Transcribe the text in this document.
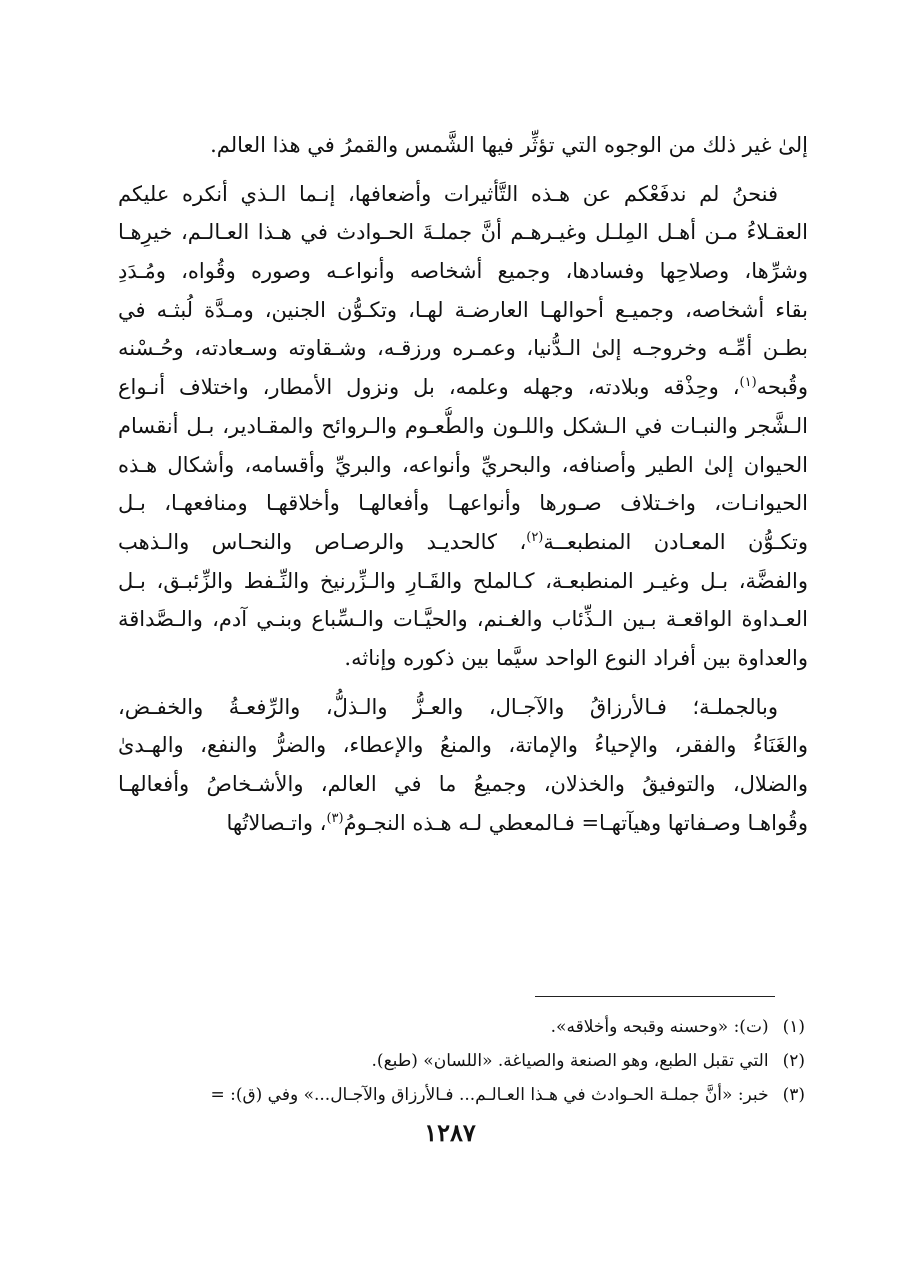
إلىٰ غير ذلك من الوجوه التي تؤثِّر فيها الشَّمس والقمرُ في هذا العالم.
فنحنُ لم ندفَعْكم عن هـذه التَّأثيرات وأضعافها، إنـما الـذي أنكره عليكم
العقـلاءُ مـن أهـل المِلـل وغيـرهـم أنَّ جملـةَ الحـوادث في هـذا العـالـم، خيرِهـا
وشرِّها، وصلاحِها وفسادها، وجميع أشخاصه وأنواعـه وصوره وقُواه، ومُـدَدِ
بقاء أشخاصه، وجميـع أحوالهـا العارضـة لهـا، وتكـوُّن الجنين، ومـدَّة لُبثـه في
بطـن أمِّـه وخروجـه إلىٰ الـدُّنيا، وعمـره ورزقـه، وشـقاوته وسـعادته، وحُـسْنه
وقُبحه$^{(١)}$، وحِذْقه وبلادته، وجهله وعلمه، بل ونزول الأمطار، واختلاف أنـواع
الـشَّجر والنبـات في الـشكل واللـون والطُّعـوم والـروائح والمقـادير، بـل أنقسام
الحيوان إلىٰ الطير وأصنافه، والبحريِّ وأنواعه، والبريِّ وأقسامه، وأشكال هـذه
الحيوانـات، واخـتلاف صـورها وأنواعهـا وأفعالهـا وأخلاقهـا ومنافعهـا، بـل
وتكـوُّن المعـادن المنطبعــة$^{(٢)}$، كالحديـد والرصـاص والنحـاس والـذهب
والفضَّة، بـل وغيـر المنطبعـة، كـالملح والقَـارِ والـزِّرنيخ والنِّـفط والزِّئبـق، بـل
العـداوة الواقعـة بـين الـذِّئاب والغـنم، والحيَّـات والـسِّباع وبنـي آدم، والـصَّداقة
والعداوة بين أفراد النوع الواحد سيَّما بين ذكوره وإناثه.
وبالجملـة؛ فـالأرزاقُ والآجـال، والعـزُّ والـذلُّ، والرِّفعـةُ والخفـض،
والغَنَاءُ والفقر، والإحياءُ والإماتة، والمنعُ والإعطاء، والضرُّ والنفع، والهـدىٰ
والضلال، والتوفيقُ والخذلان، وجميعُ ما في العالم، والأشـخاصُ وأفعالهـا
وقُواهـا وصـفاتها وهيآتهـا= فـالمعطي لـه هـذه النجـومُ$^{(٣)}$، واتـصالاتُها
(١)(ت): «وحسنه وقبحه وأخلاقه».
(٢)التي تقبل الطبع، وهو الصنعة والصياغة. «اللسان» (طبع).
(٣)خبر: «أنَّ جملـة الحـوادث في هـذا العـالـم... فـالأرزاق والآجـال...» وفي (ق): =
١٢٨٧
